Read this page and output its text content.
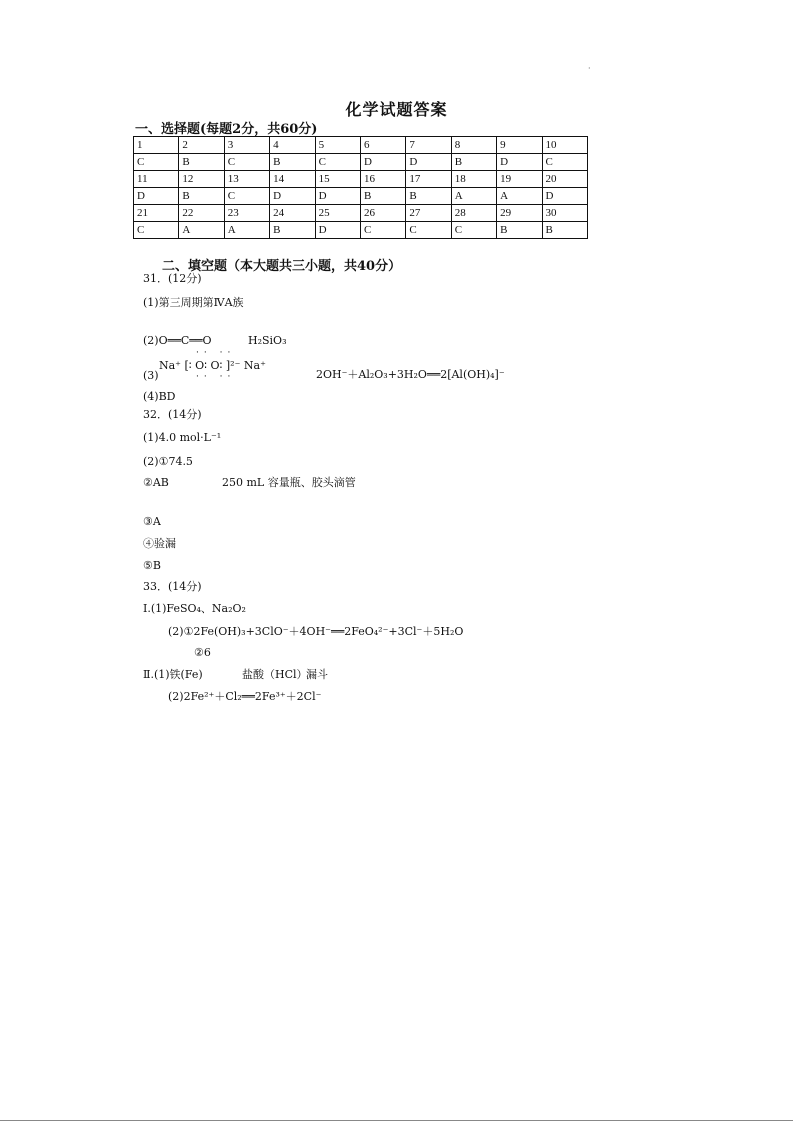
化学试题答案
一、选择题(每题2分，共60分)
1	2	3	4	5	6	7	8	9	10
C	B	C	B	C	D	D	B	D	C
11	12	13	14	15	16	17	18	19	20
D	B	C	D	D	B	B	A	A	D
21	22	23	24	25	26	27	28	29	30
C	A	A	B	D	C	C	C	B	B
二、填空题（本大题共三小题，共40分）
31．(12分)
(1)第三周期第ⅣA族
(2)O══C══O	H₂SiO₃
·· ··
(3)
Na⁺ [∶ O∶ O∶ ]²⁻ Na⁺
·· ··	2OH⁻＋Al₂O₃+3H₂O══2[Al(OH)₄]⁻
(4)BD
32．(14分)
(1)4.0 mol·L⁻¹
(2)①74.5
②AB	250 mL 容量瓶、胶头滴管
③A
④验漏
⑤B
33．(14分)
Ⅰ.(1)FeSO₄、Na₂O₂
(2)①2Fe(OH)₃+3ClO⁻＋4OH⁻══2FeO₄²⁻+3Cl⁻＋5H₂O
②6
Ⅱ.(1)铁(Fe)	盐酸（HCl）
漏斗
(2)2Fe²⁺＋Cl₂══2Fe³⁺＋2Cl⁻
·
